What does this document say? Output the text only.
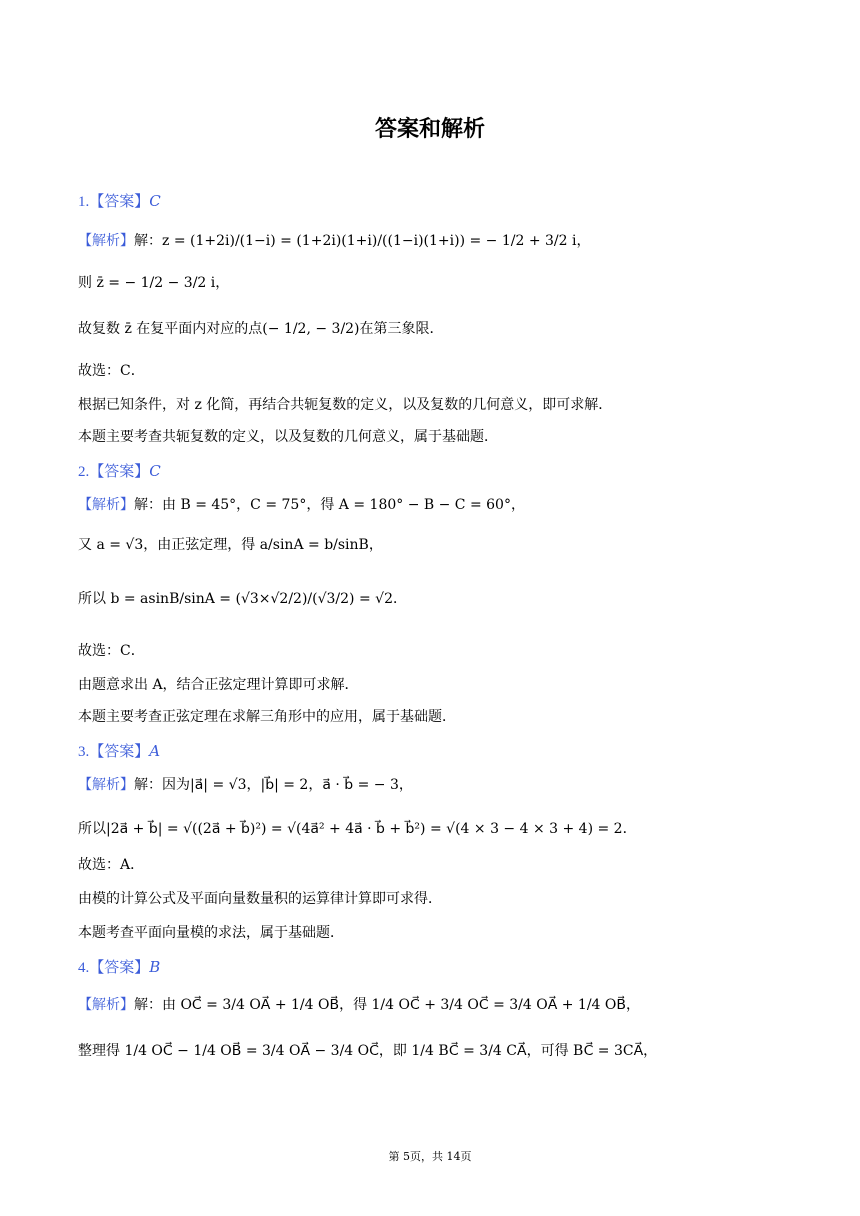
答案和解析
1.【答案】C
【解析】解：z = (1+2i)/(1−i) = (1+2i)(1+i)/((1−i)(1+i)) = − 1/2 + 3/2 i，
则 z̄ = − 1/2 − 3/2 i，
故复数 z̄ 在复平面内对应的点(− 1/2, − 3/2)在第三象限．
故选：C．
根据已知条件，对 z 化简，再结合共轭复数的定义，以及复数的几何意义，即可求解．
本题主要考查共轭复数的定义，以及复数的几何意义，属于基础题．
2.【答案】C
【解析】解：由 B = 45°，C = 75°，得 A = 180° − B − C = 60°，
又 a = √3，由正弦定理，得 a/sinA = b/sinB，
所以 b = asinB/sinA = (√3×√2/2)/(√3/2) = √2．
故选：C．
由题意求出 A，结合正弦定理计算即可求解．
本题主要考查正弦定理在求解三角形中的应用，属于基础题．
3.【答案】A
【解析】解：因为|a⃗| = √3，|b⃗| = 2，a⃗ · b⃗ = − 3，
所以|2a⃗ + b⃗| = √((2a⃗ + b⃗)²) = √(4a⃗² + 4a⃗ · b⃗ + b⃗²) = √(4 × 3 − 4 × 3 + 4) = 2．
故选：A．
由模的计算公式及平面向量数量积的运算律计算即可求得．
本题考查平面向量模的求法，属于基础题．
4.【答案】B
【解析】解：由 OC⃗ = 3/4 OA⃗ + 1/4 OB⃗，得 1/4 OC⃗ + 3/4 OC⃗ = 3/4 OA⃗ + 1/4 OB⃗，
整理得 1/4 OC⃗ − 1/4 OB⃗ = 3/4 OA⃗ − 3/4 OC⃗，即 1/4 BC⃗ = 3/4 CA⃗，可得 BC⃗ = 3CA⃗，
第 5页，共 14页
